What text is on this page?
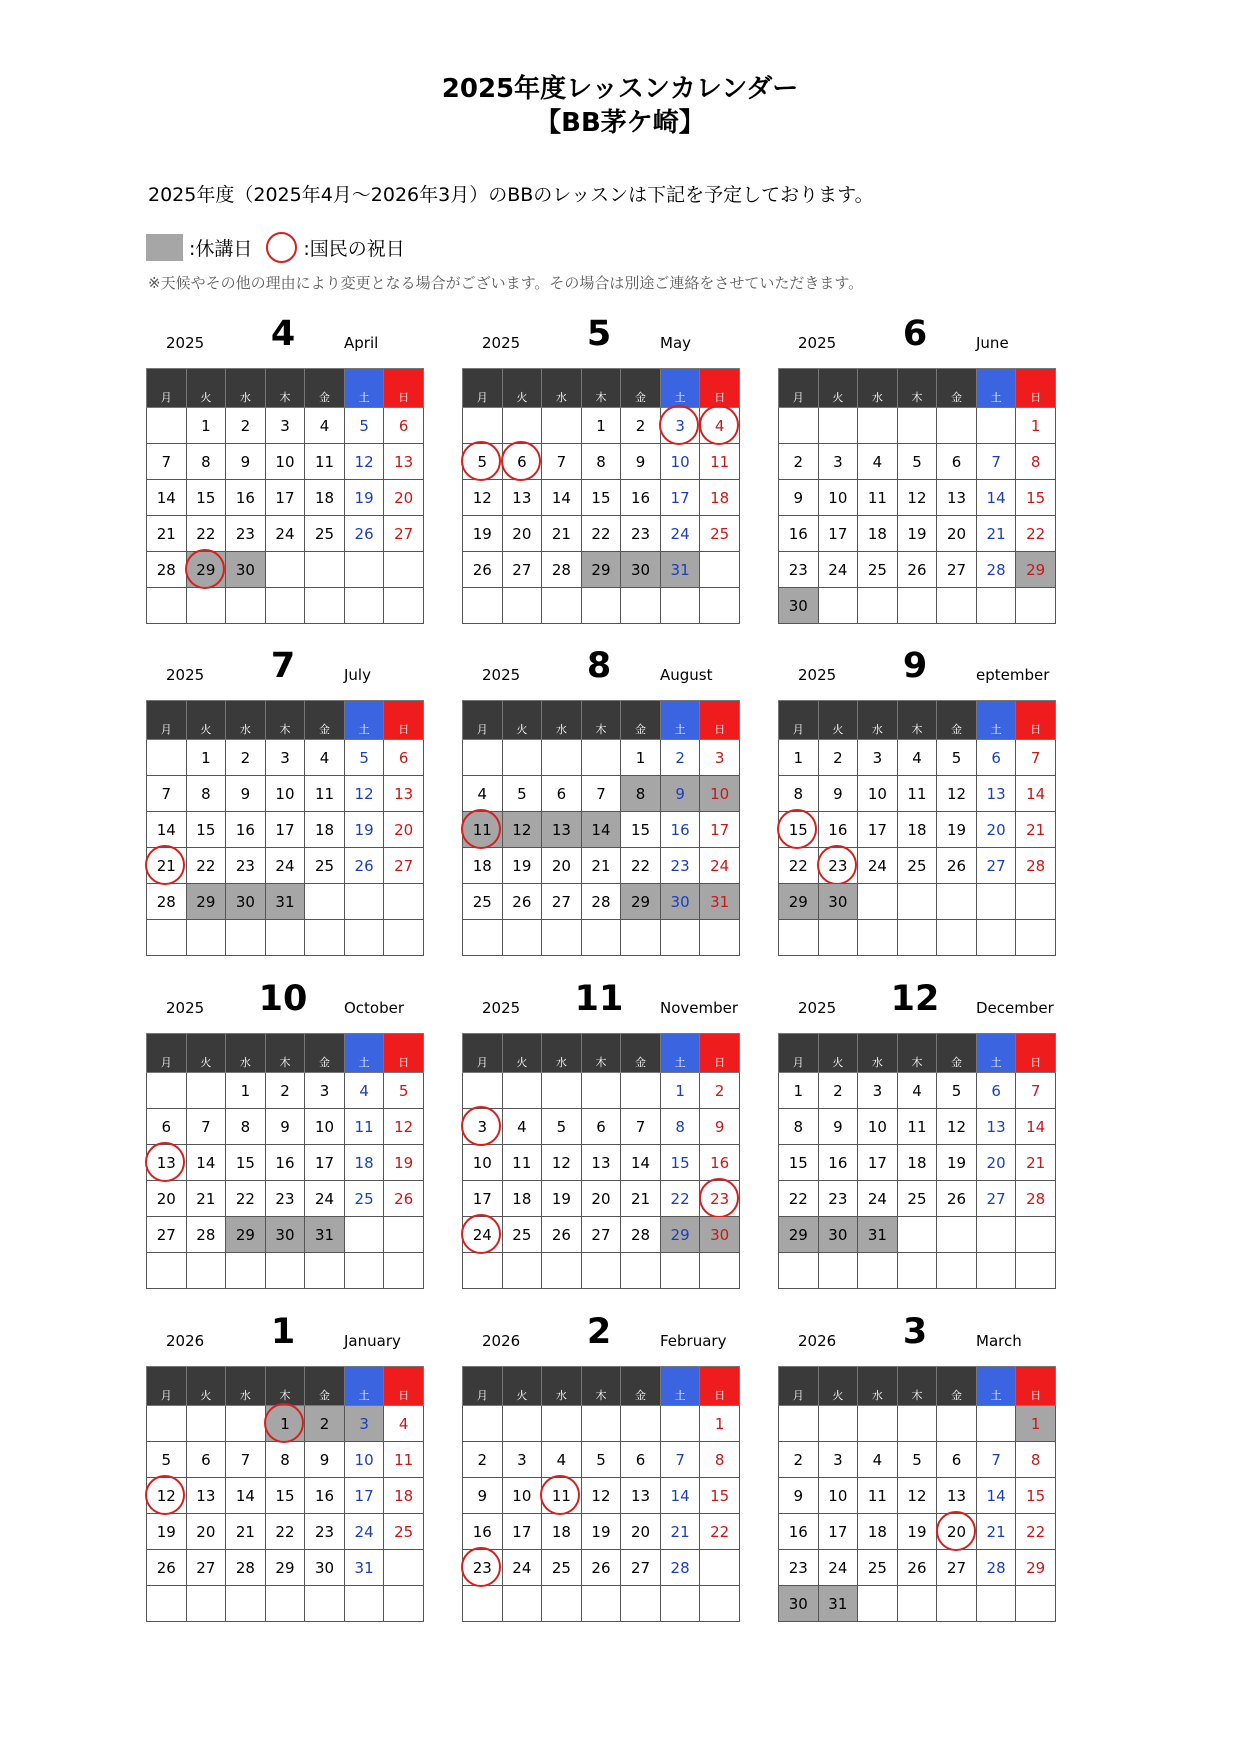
2025年度レッスンカレンダー
【BB茅ケ崎】
2025年度（2025年4月～2026年3月）のBBのレッスンは下記を予定しております。
:休講日	:国民の祝日
※天候やその他の理由により変更となる場合がございます。その場合は別途ご連絡をさせていただきます。
2025	4	April
月	火	水	木	金	土	日
	1	2	3	4	5	6
7	8	9	10	11	12	13
14	15	16	17	18	19	20
21	22	23	24	25	26	27
28	29	30				

2025	5	May
月	火	水	木	金	土	日
			1	2	3	4
5	6	7	8	9	10	11
12	13	14	15	16	17	18
19	20	21	22	23	24	25
26	27	28	29	30	31	

2025	6	June
月	火	水	木	金	土	日
						1
2	3	4	5	6	7	8
9	10	11	12	13	14	15
16	17	18	19	20	21	22
23	24	25	26	27	28	29
30						
2025	7	July
月	火	水	木	金	土	日
	1	2	3	4	5	6
7	8	9	10	11	12	13
14	15	16	17	18	19	20
21	22	23	24	25	26	27
28	29	30	31			

2025	8	August
月	火	水	木	金	土	日
				1	2	3
4	5	6	7	8	9	10
11	12	13	14	15	16	17
18	19	20	21	22	23	24
25	26	27	28	29	30	31

2025	9	eptember
月	火	水	木	金	土	日
1	2	3	4	5	6	7
8	9	10	11	12	13	14
15	16	17	18	19	20	21
22	23	24	25	26	27	28
29	30					

2025	10	October
月	火	水	木	金	土	日
		1	2	3	4	5
6	7	8	9	10	11	12
13	14	15	16	17	18	19
20	21	22	23	24	25	26
27	28	29	30	31		

2025	11	November
月	火	水	木	金	土	日
					1	2
3	4	5	6	7	8	9
10	11	12	13	14	15	16
17	18	19	20	21	22	23
24	25	26	27	28	29	30

2025	12	December
月	火	水	木	金	土	日
1	2	3	4	5	6	7
8	9	10	11	12	13	14
15	16	17	18	19	20	21
22	23	24	25	26	27	28
29	30	31				

2026	1	January
月	火	水	木	金	土	日
			1	2	3	4
5	6	7	8	9	10	11
12	13	14	15	16	17	18
19	20	21	22	23	24	25
26	27	28	29	30	31	

2026	2	February
月	火	水	木	金	土	日
						1
2	3	4	5	6	7	8
9	10	11	12	13	14	15
16	17	18	19	20	21	22
23	24	25	26	27	28	

2026	3	March
月	火	水	木	金	土	日
						1
2	3	4	5	6	7	8
9	10	11	12	13	14	15
16	17	18	19	20	21	22
23	24	25	26	27	28	29
30	31					
